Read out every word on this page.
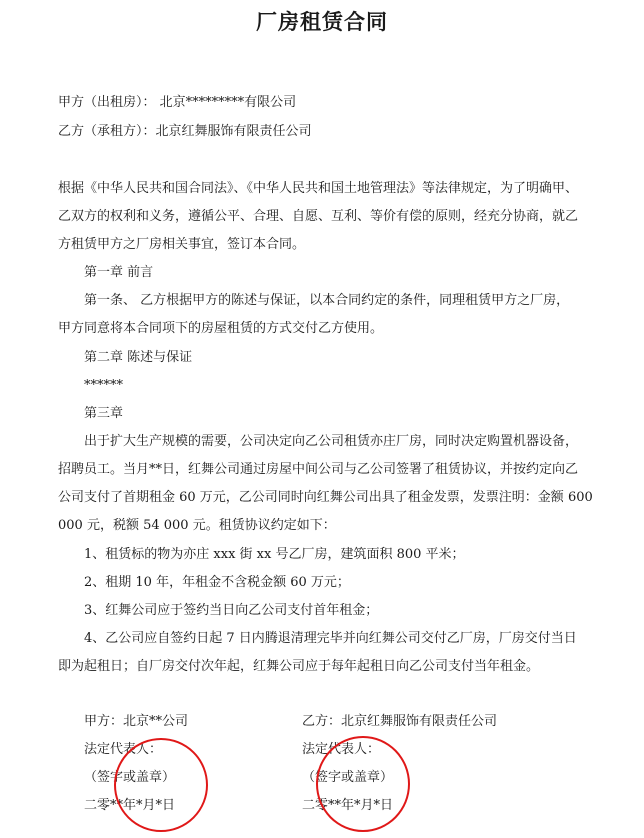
厂房租赁合同
甲方（出租房）： 北京*********有限公司
乙方（承租方）：北京红舞服饰有限责任公司
根据《中华人民共和国合同法》、《中华人民共和国土地管理法》等法律规定，为了明确甲、
乙双方的权利和义务，遵循公平、合理、自愿、互利、等价有偿的原则，经充分协商，就乙
方租赁甲方之厂房相关事宜，签订本合同。
第一章 前言
第一条、 乙方根据甲方的陈述与保证，以本合同约定的条件，同理租赁甲方之厂房，
甲方同意将本合同项下的房屋租赁的方式交付乙方使用。
第二章 陈述与保证
******
第三章
出于扩大生产规模的需要，公司决定向乙公司租赁亦庄厂房，同时决定购置机器设备，
招聘员工。当月**日，红舞公司通过房屋中间公司与乙公司签署了租赁协议，并按约定向乙
公司支付了首期租金 60 万元，乙公司同时向红舞公司出具了租金发票，发票注明：金额 600
000 元，税额 54 000 元。租赁协议约定如下：
1、租赁标的物为亦庄 xxx 街 xx 号乙厂房，建筑面积 800 平米；
2、租期 10 年，年租金不含税金额 60 万元；
3、红舞公司应于签约当日向乙公司支付首年租金；
4、乙公司应自签约日起 7 日内腾退清理完毕并向红舞公司交付乙厂房，厂房交付当日
即为起租日；自厂房交付次年起，红舞公司应于每年起租日向乙公司支付当年租金。
甲方：北京**公司
法定代表人：
（签字或盖章）
二零**年*月*日
乙方：北京红舞服饰有限责任公司
法定代表人：
（签字或盖章）
二零**年*月*日
